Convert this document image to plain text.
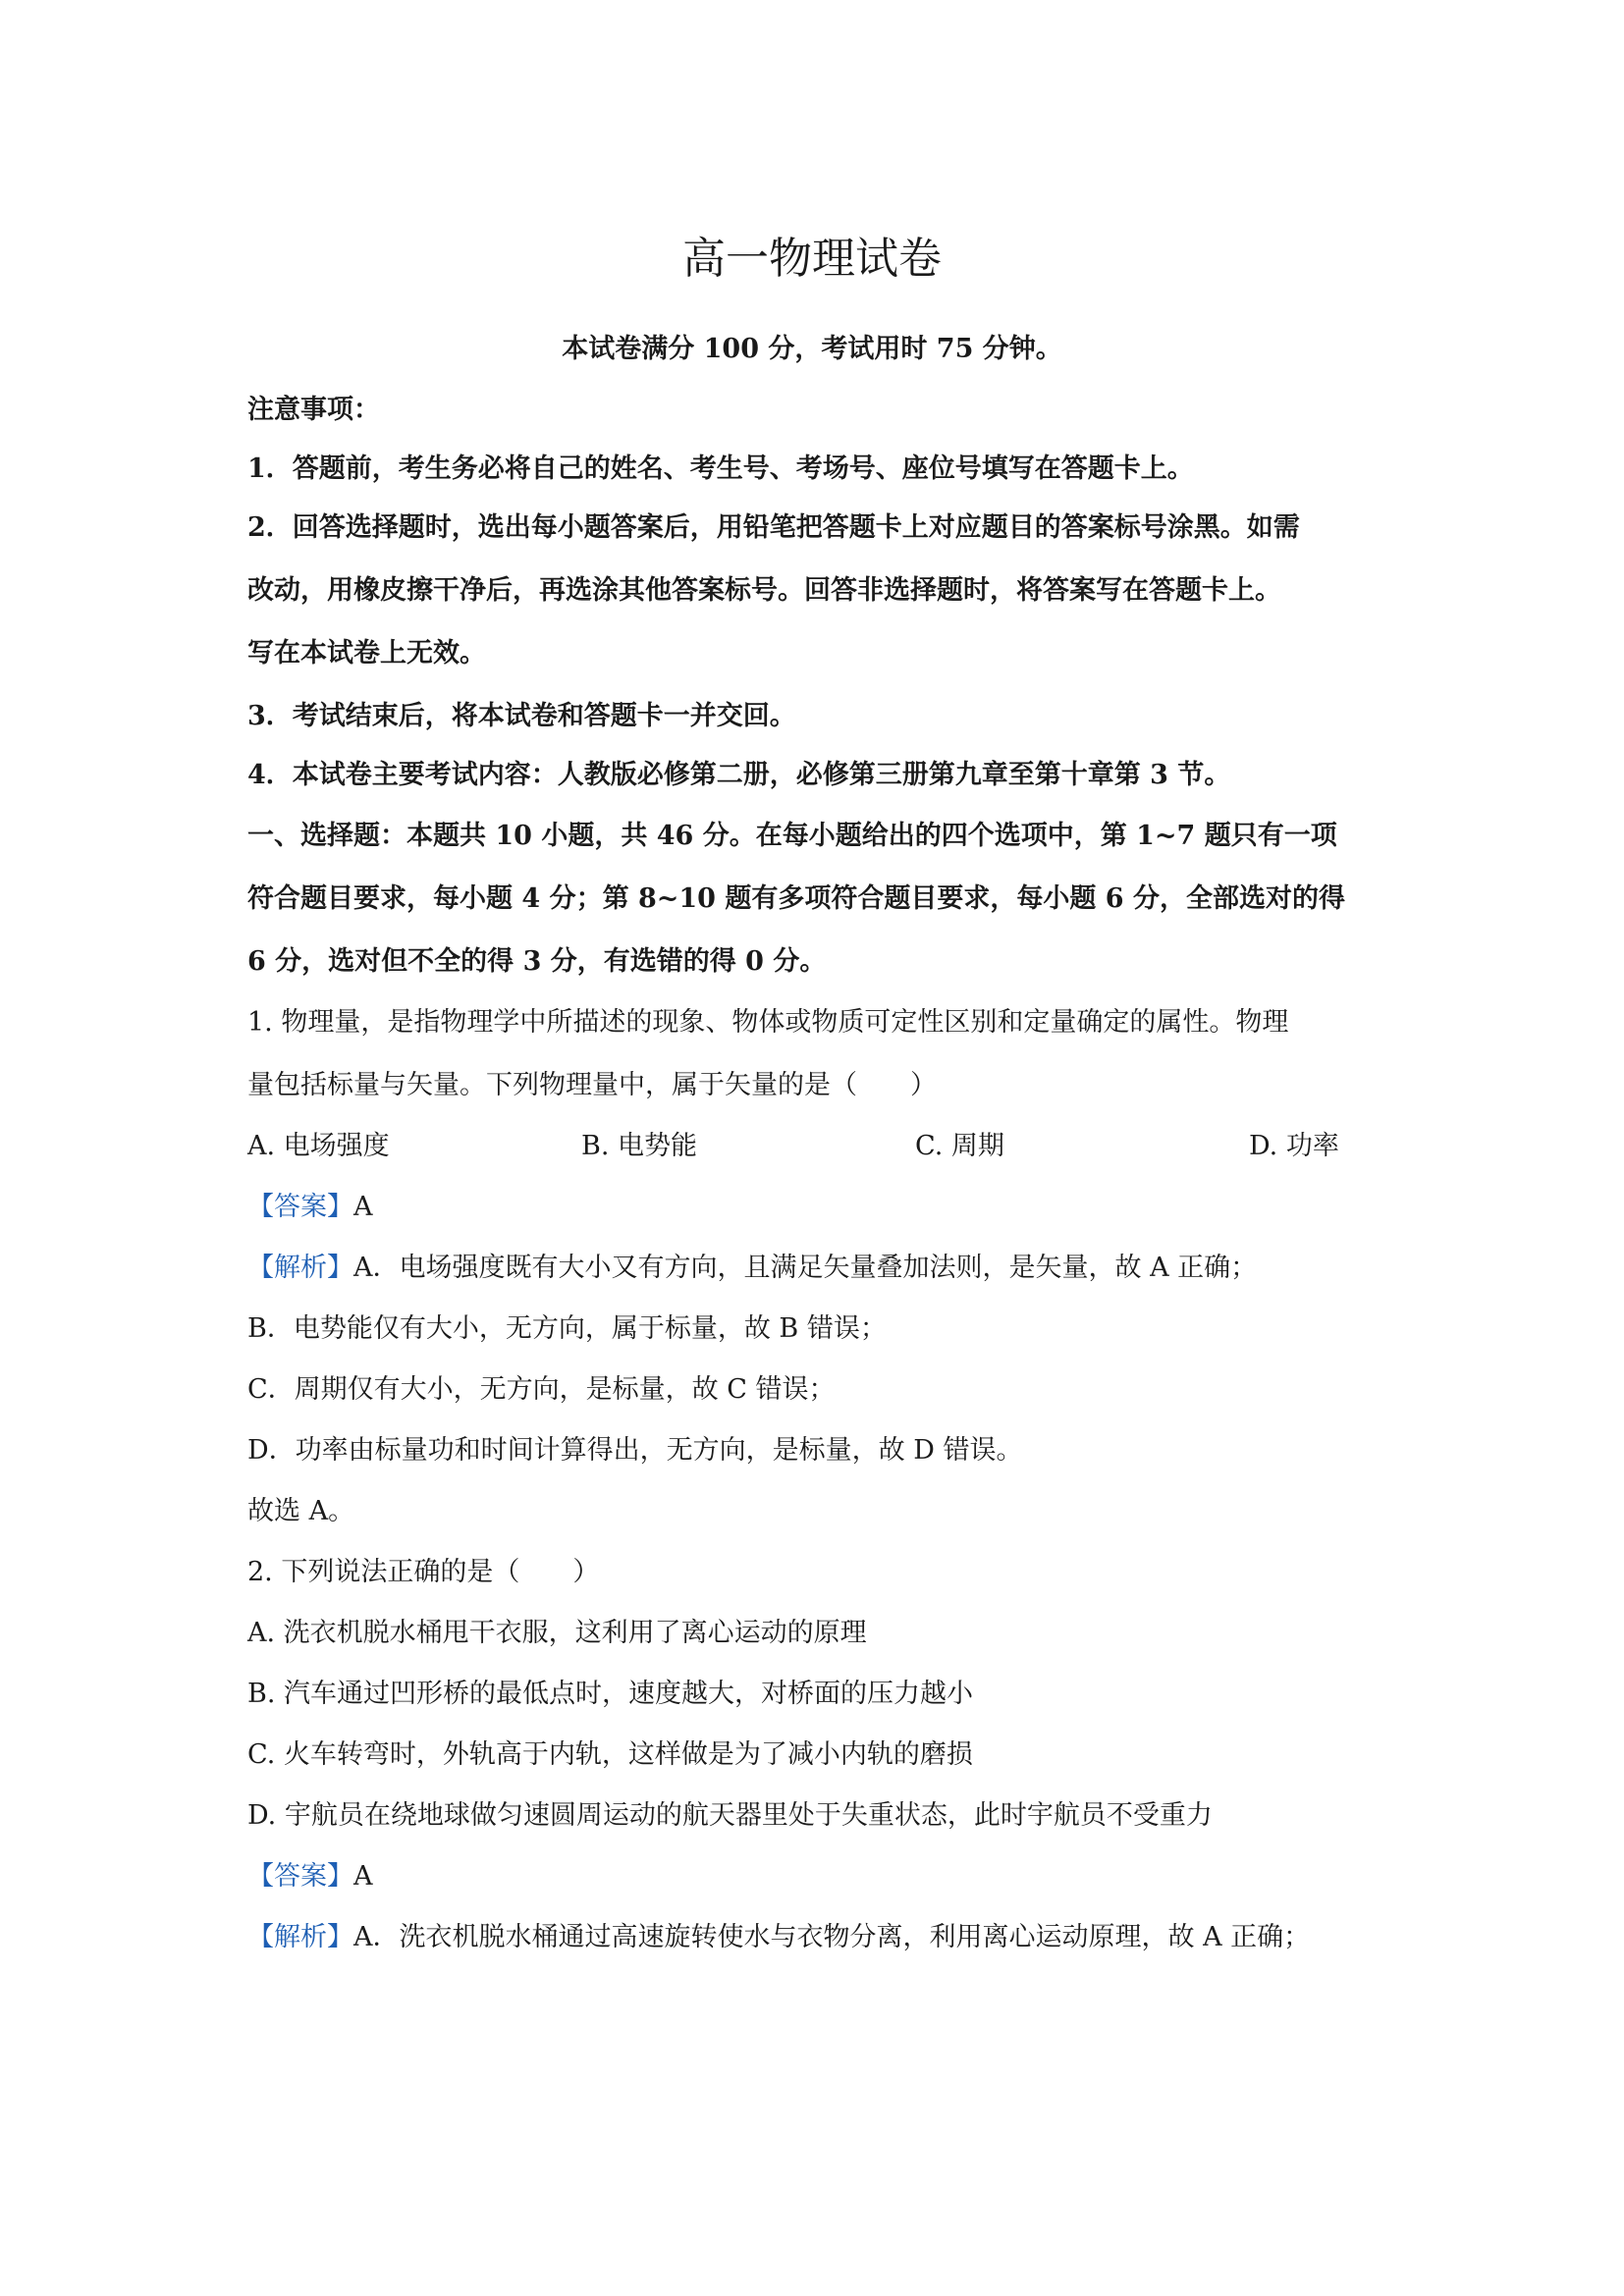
高一物理试卷
本试卷满分 100 分，考试用时 75 分钟。
注意事项：
1．答题前，考生务必将自己的姓名、考生号、考场号、座位号填写在答题卡上。
2．回答选择题时，选出每小题答案后，用铅笔把答题卡上对应题目的答案标号涂黑。如需
改动，用橡皮擦干净后，再选涂其他答案标号。回答非选择题时，将答案写在答题卡上。
写在本试卷上无效。
3．考试结束后，将本试卷和答题卡一并交回。
4．本试卷主要考试内容：人教版必修第二册，必修第三册第九章至第十章第 3 节。
一、选择题：本题共 10 小题，共 46 分。在每小题给出的四个选项中，第 1~7 题只有一项
符合题目要求，每小题 4 分；第 8~10 题有多项符合题目要求，每小题 6 分，全部选对的得
6 分，选对但不全的得 3 分，有选错的得 0 分。
1. 物理量，是指物理学中所描述的现象、物体或物质可定性区别和定量确定的属性。物理
量包括标量与矢量。下列物理量中，属于矢量的是（　　）
A. 电场强度	B. 电势能	C. 周期	D. 功率
【答案】A
【解析】A．电场强度既有大小又有方向，且满足矢量叠加法则，是矢量，故 A 正确；
B．电势能仅有大小，无方向，属于标量，故 B 错误；
C．周期仅有大小，无方向，是标量，故 C 错误；
D．功率由标量功和时间计算得出，无方向，是标量，故 D 错误。
故选 A。
2. 下列说法正确的是（　　）
A. 洗衣机脱水桶甩干衣服，这利用了离心运动的原理
B. 汽车通过凹形桥的最低点时，速度越大，对桥面的压力越小
C. 火车转弯时，外轨高于内轨，这样做是为了减小内轨的磨损
D. 宇航员在绕地球做匀速圆周运动的航天器里处于失重状态，此时宇航员不受重力
【答案】A
【解析】A．洗衣机脱水桶通过高速旋转使水与衣物分离，利用离心运动原理，故 A 正确；
